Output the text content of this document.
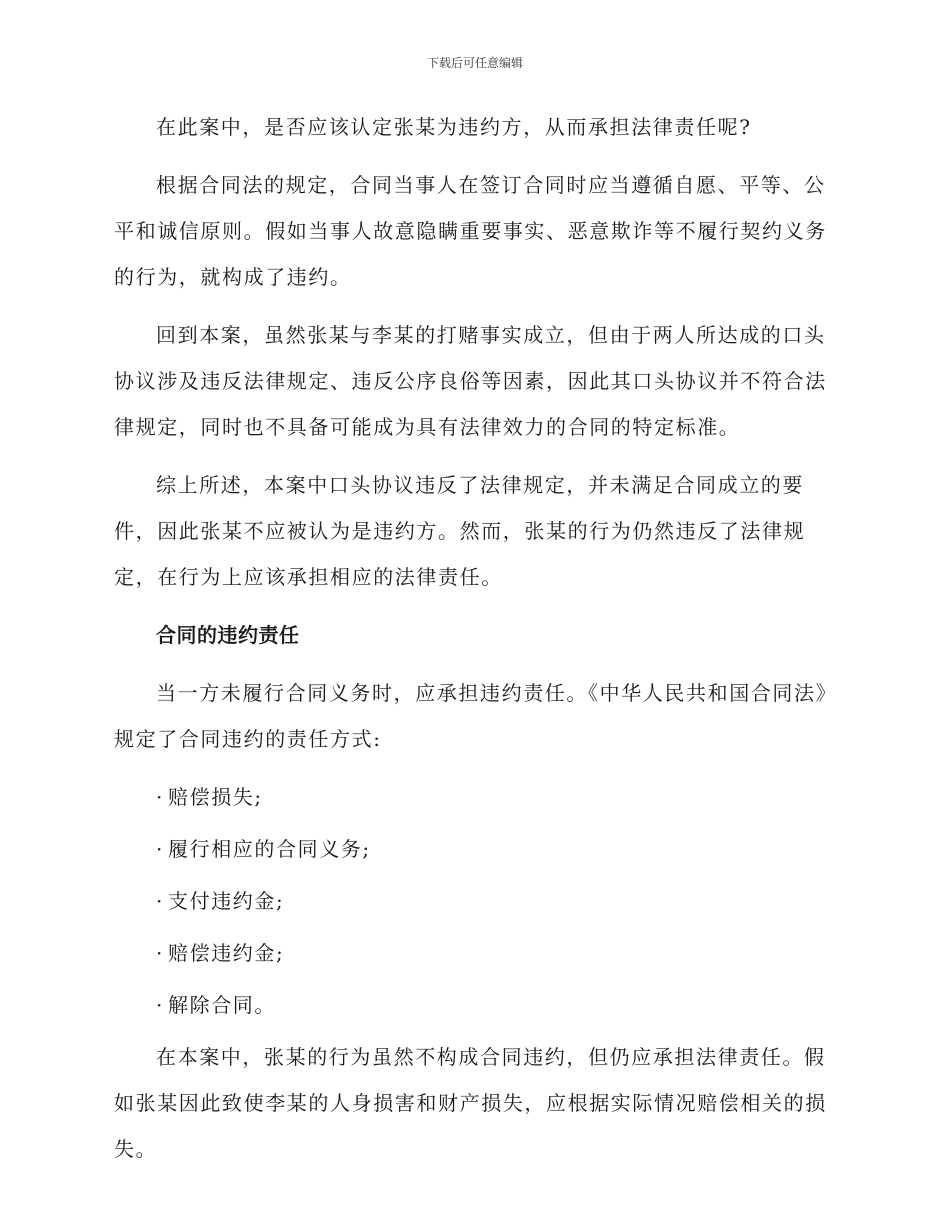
下载后可任意编辑

在此案中，是否应该认定张某为违约方，从而承担法律责任呢?

根据合同法的规定，合同当事人在签订合同时应当遵循自愿、平等、公平和诚信原则。假如当事人故意隐瞒重要事实、恶意欺诈等不履行契约义务的行为，就构成了违约。

回到本案，虽然张某与李某的打赌事实成立，但由于两人所达成的口头协议涉及违反法律规定、违反公序良俗等因素，因此其口头协议并不符合法律规定，同时也不具备可能成为具有法律效力的合同的特定标准。

综上所述，本案中口头协议违反了法律规定，并未满足合同成立的要件，因此张某不应被认为是违约方。然而，张某的行为仍然违反了法律规定，在行为上应该承担相应的法律责任。

合同的违约责任

当一方未履行合同义务时，应承担违约责任。《中华人民共和国合同法》规定了合同违约的责任方式:

· 赔偿损失;

· 履行相应的合同义务;

· 支付违约金;

· 赔偿违约金;

· 解除合同。

在本案中，张某的行为虽然不构成合同违约，但仍应承担法律责任。假如张某因此致使李某的人身损害和财产损失，应根据实际情况赔偿相关的损失。
